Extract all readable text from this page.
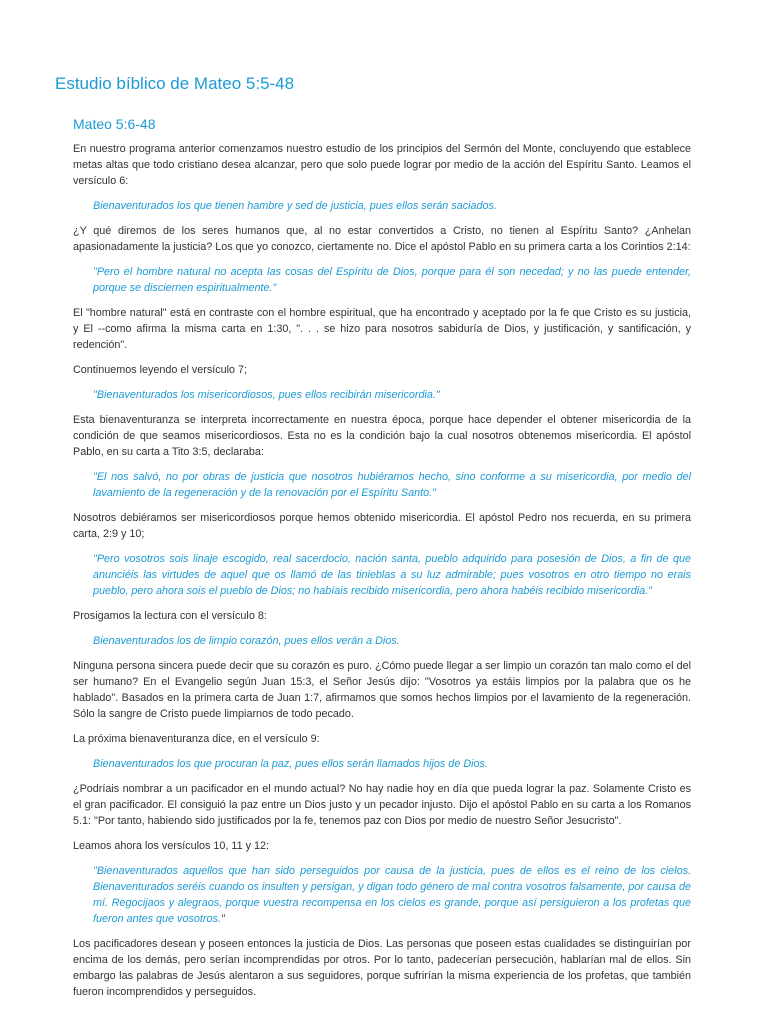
Estudio bíblico de Mateo 5:5-48
Mateo 5:6-48

En nuestro programa anterior comenzamos nuestro estudio de los principios del Sermón del Monte, concluyendo que establece metas altas que todo cristiano desea alcanzar, pero que solo puede lograr por medio de la acción del Espíritu Santo. Leamos el versículo 6:

Bienaventurados los que tienen hambre y sed de justicia, pues ellos serán saciados.

¿Y qué diremos de los seres humanos que, al no estar convertidos a Cristo, no tienen al Espíritu Santo? ¿Anhelan apasionadamente la justicia? Los que yo conozco, ciertamente no. Dice el apóstol Pablo en su primera carta a los Corintios 2:14:

"Pero el hombre natural no acepta las cosas del Espíritu de Dios, porque para él son necedad; y no las puede entender, porque se disciernen espiritualmente."

El "hombre natural" está en contraste con el hombre espiritual, que ha encontrado y aceptado por la fe que Cristo es su justicia, y El --como afirma la misma carta en 1:30, ". . . se hizo para nosotros sabiduría de Dios, y justificación, y santificación, y redención".

Continuemos leyendo el versículo 7;

"Bienaventurados los misericordiosos, pues ellos recibirán misericordia."

Esta bienaventuranza se interpreta incorrectamente en nuestra época, porque hace depender el obtener misericordia de la condición de que seamos misericordiosos. Esta no es la condición bajo la cual nosotros obtenemos misericordia. El apóstol Pablo, en su carta a Tito 3:5, declaraba:

"El nos salvó, no por obras de justicia que nosotros hubiéramos hecho, sino conforme a su misericordia, por medio del lavamiento de la regeneración y de la renovación por el Espíritu Santo."

Nosotros debiéramos ser misericordiosos porque hemos obtenido misericordia. El apóstol Pedro nos recuerda, en su primera carta, 2:9 y 10;

"Pero vosotros sois linaje escogido, real sacerdocio, nación santa, pueblo adquirido para posesión de Dios, a fin de que anunciéis las virtudes de aquel que os llamó de las tinieblas a su luz admirable; pues vosotros en otro tiempo no erais pueblo, pero ahora sois el pueblo de Dios; no habíais recibido misericordia, pero ahora habéis recibido misericordia."

Prosigamos la lectura con el versículo 8:

Bienaventurados los de limpio corazón, pues ellos verán a Dios.

Ninguna persona sincera puede decir que su corazón es puro. ¿Cómo puede llegar a ser limpio un corazón tan malo como el del ser humano? En el Evangelio según Juan 15:3, el Señor Jesús dijo: "Vosotros ya estáis limpios por la palabra que os he hablado". Basados en la primera carta de Juan 1:7, afirmamos que somos hechos limpios por el lavamiento de la regeneración. Sólo la sangre de Cristo puede limpiarnos de todo pecado.

La próxima bienaventuranza dice, en el versículo 9:

Bienaventurados los que procuran la paz, pues ellos serán llamados hijos de Dios.

¿Podríais nombrar a un pacificador en el mundo actual? No hay nadie hoy en día que pueda lograr la paz. Solamente Cristo es el gran pacificador. El consiguió la paz entre un Dios justo y un pecador injusto. Dijo el apóstol Pablo en su carta a los Romanos 5.1: "Por tanto, habiendo sido justificados por la fe, tenemos paz con Dios por medio de nuestro Señor Jesucristo".

Leamos ahora los versículos 10, 11 y 12:

"Bienaventurados aquellos que han sido perseguidos por causa de la justicia, pues de ellos es el reino de los cielos. Bienaventurados seréis cuando os insulten y persigan, y digan todo género de mal contra vosotros falsamente, por causa de mí. Regocijaos y alegraos, porque vuestra recompensa en los cielos es grande, porque así persiguieron a los profetas que fueron antes que vosotros."

Los pacificadores desean y poseen entonces la justicia de Dios. Las personas que poseen estas cualidades se distinguirían por encima de los demás, pero serían incomprendidas por otros. Por lo tanto, padecerían persecución, hablarían mal de ellos. Sin embargo las palabras de Jesús alentaron a sus seguidores, porque sufrirían la misma experiencia de los profetas, que también fueron incomprendidos y perseguidos.
